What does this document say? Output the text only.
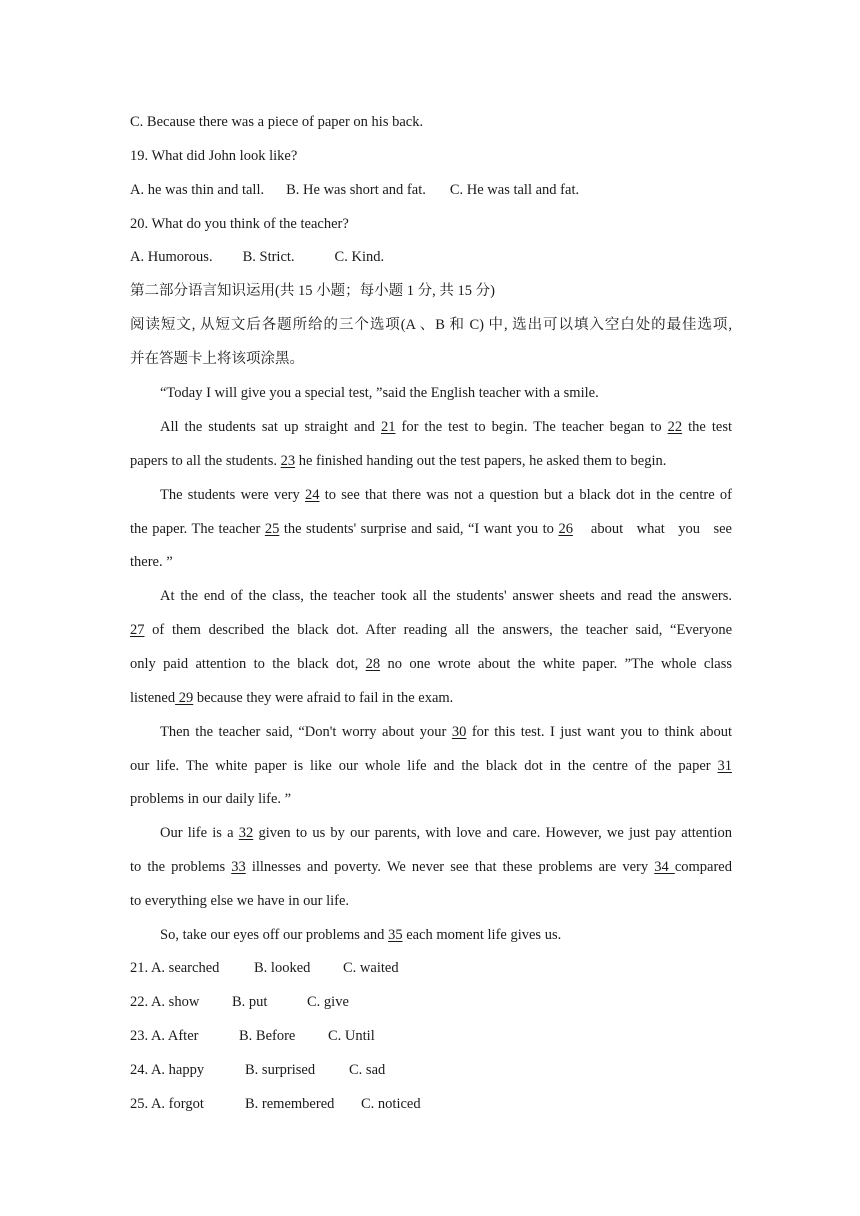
C. Because there was a piece of paper on his back.
19. What did John look like?
A. he was thin and tall. B. He was short and fat. C. He was tall and fat.
20. What do you think of the teacher?
A. Humorous. B. Strict.	C. Kind.
第二部分语言知识运用(共 15 小题；每小题 1 分, 共 15 分)
阅读短文, 从短文后各题所给的三个选项(A 、B 和 C) 中, 选出可以填入空白处的最佳选项,
并在答题卡上将该项涂黑。
“Today I will give you a special test, ”said the English teacher with a smile.
All the students sat up straight and 21 for the test to begin. The teacher began to 22 the test
papers to all the students. 23 he finished handing out the test papers, he asked them to begin.
The students were very 24 to see that there was not a question but a black dot in the centre of
the paper. The teacher 25 the students' surprise and said, “I want you to 26    about   what   you   see
there. ”
At the end of the class, the teacher took all the students' answer sheets and read the answers.
27 of them described the black dot. After reading all the answers, the teacher said, “Everyone
only paid attention to the black dot, 28 no one wrote about the white paper. ”The whole class
listened 29 because they were afraid to fail in the exam.
Then the teacher said, “Don't worry about your 30 for this test. I just want you to think about
our life. The white paper is like our whole life and the black dot in the centre of the paper 31
problems in our daily life. ”
Our life is a 32 given to us by our parents, with love and care. However, we just pay attention
to the problems 33 illnesses and poverty. We never see that these problems are very 34 compared
to everything else we have in our life.
So, take our eyes off our problems and 35 each moment life gives us.
21. A. searched B. looked C. waited
22. A. show B. put	C. give
23. A. After	B. Before C. Until
24. A. happy	B. surprised C. sad
25. A. forgot	B. remembered C. noticed
